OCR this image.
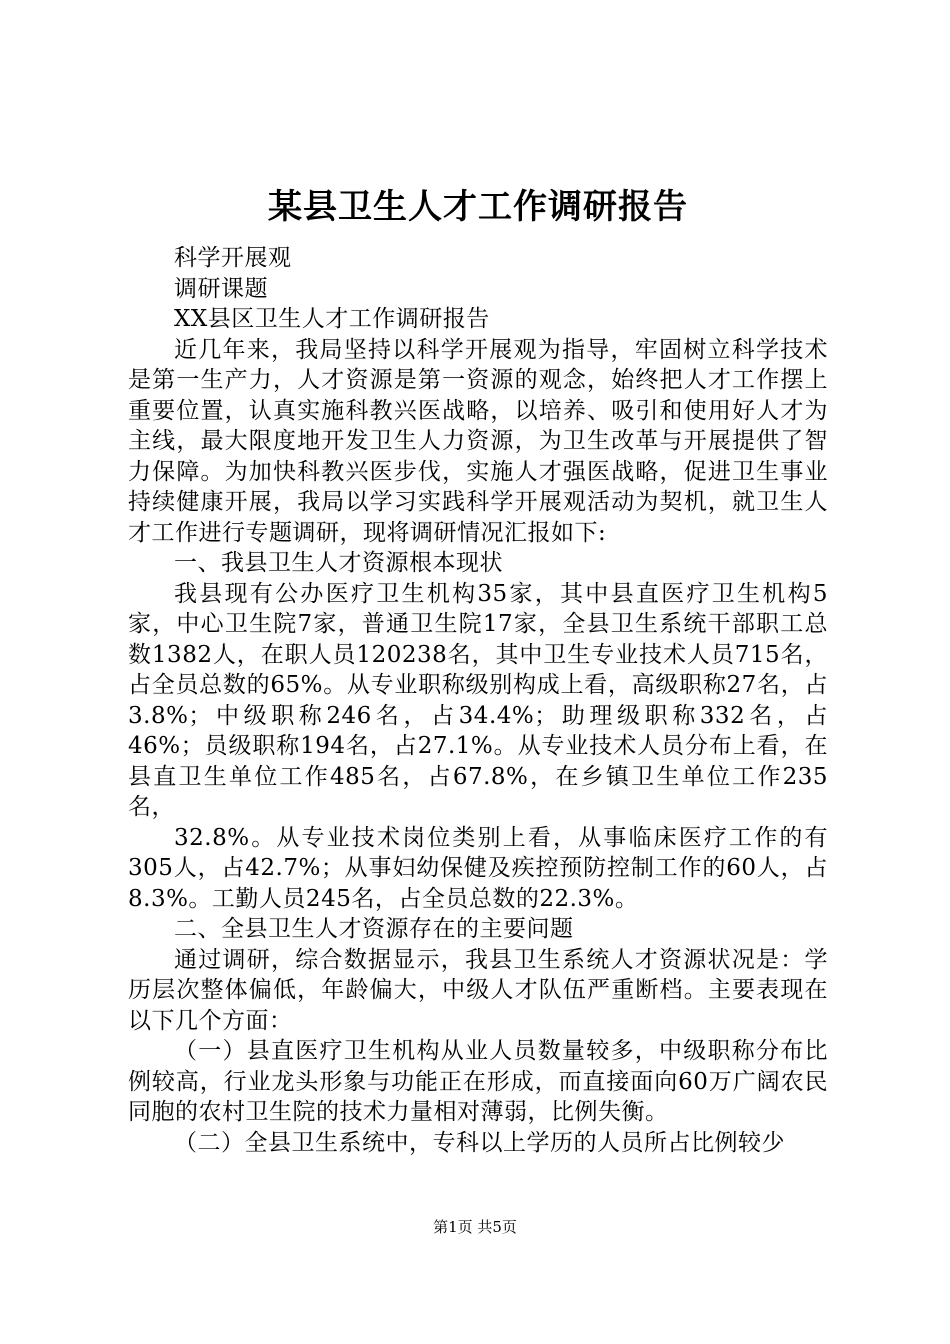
某县卫生人才工作调研报告

科学开展观

调研课题

XX县区卫生人才工作调研报告

近几年来，我局坚持以科学开展观为指导，牢固树立科学技术是第一生产力，人才资源是第一资源的观念，始终把人才工作摆上重要位置，认真实施科教兴医战略，以培养、吸引和使用好人才为主线，最大限度地开发卫生人力资源，为卫生改革与开展提供了智力保障。为加快科教兴医步伐，实施人才强医战略，促进卫生事业持续健康开展，我局以学习实践科学开展观活动为契机，就卫生人才工作进行专题调研，现将调研情况汇报如下:

一、我县卫生人才资源根本现状

我县现有公办医疗卫生机构35家，其中县直医疗卫生机构5家，中心卫生院7家，普通卫生院17家，全县卫生系统干部职工总数1382人，在职人员120238名，其中卫生专业技术人员715名，占全员总数的65%。从专业职称级别构成上看，高级职称27名，占3.8%；中级职称246名，占34.4%；助理级职称332名，占46%；员级职称194名，占27.1%。从专业技术人员分布上看，在县直卫生单位工作485名，占67.8%，在乡镇卫生单位工作235名，

32.8%。从专业技术岗位类别上看，从事临床医疗工作的有305人，占42.7%；从事妇幼保健及疾控预防控制工作的60人，占8.3%。工勤人员245名，占全员总数的22.3%。

二、全县卫生人才资源存在的主要问题

通过调研，综合数据显示，我县卫生系统人才资源状况是：学历层次整体偏低，年龄偏大，中级人才队伍严重断档。主要表现在以下几个方面：

（一）县直医疗卫生机构从业人员数量较多，中级职称分布比例较高，行业龙头形象与功能正在形成，而直接面向60万广阔农民同胞的农村卫生院的技术力量相对薄弱，比例失衡。

（二）全县卫生系统中，专科以上学历的人员所占比例较少

第1页 共5页
